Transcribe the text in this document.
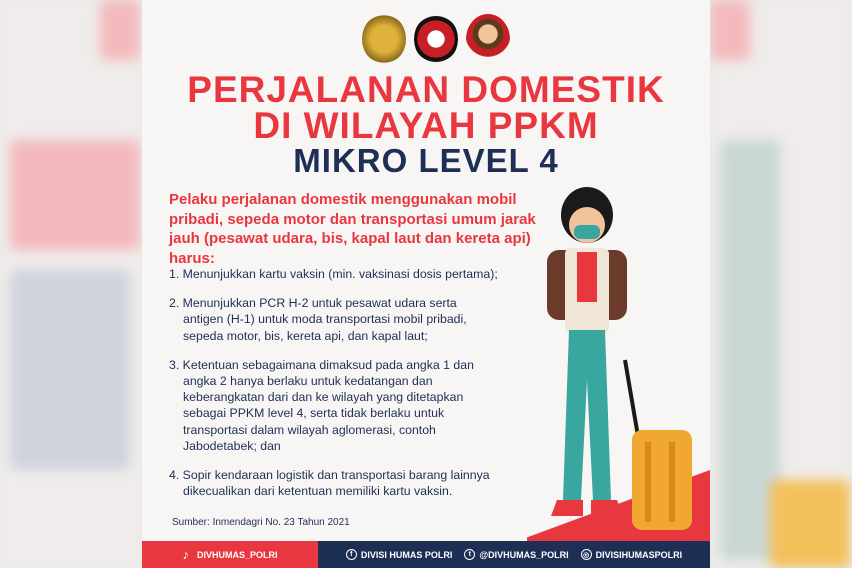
PERJALANAN DOMESTIK
DI WILAYAH PPKM
MIKRO LEVEL 4
Pelaku perjalanan domestik menggunakan mobil pribadi, sepeda motor dan transportasi umum jarak jauh (pesawat udara, bis, kapal laut dan kereta api) harus:
1. Menunjukkan kartu vaksin (min. vaksinasi dosis pertama);
2. Menunjukkan PCR H-2 untuk pesawat udara serta antigen (H-1) untuk moda transportasi mobil pribadi, sepeda motor, bis, kereta api, dan kapal laut;
3. Ketentuan sebagaimana dimaksud pada angka 1 dan angka 2 hanya berlaku untuk kedatangan dan keberangkatan dari dan ke wilayah yang ditetapkan sebagai PPKM level 4, serta tidak berlaku untuk transportasi dalam wilayah aglomerasi, contoh Jabodetabek; dan
4. Sopir kendaraan logistik dan transportasi barang lainnya dikecualikan dari ketentuan memiliki kartu vaksin.
Sumber: Inmendagri No. 23 Tahun 2021
♪ DIVHUMAS_POLRI	f DIVISI HUMAS POLRI	t @DIVHUMAS_POLRI	◎ DIVISIHUMASPOLRI
